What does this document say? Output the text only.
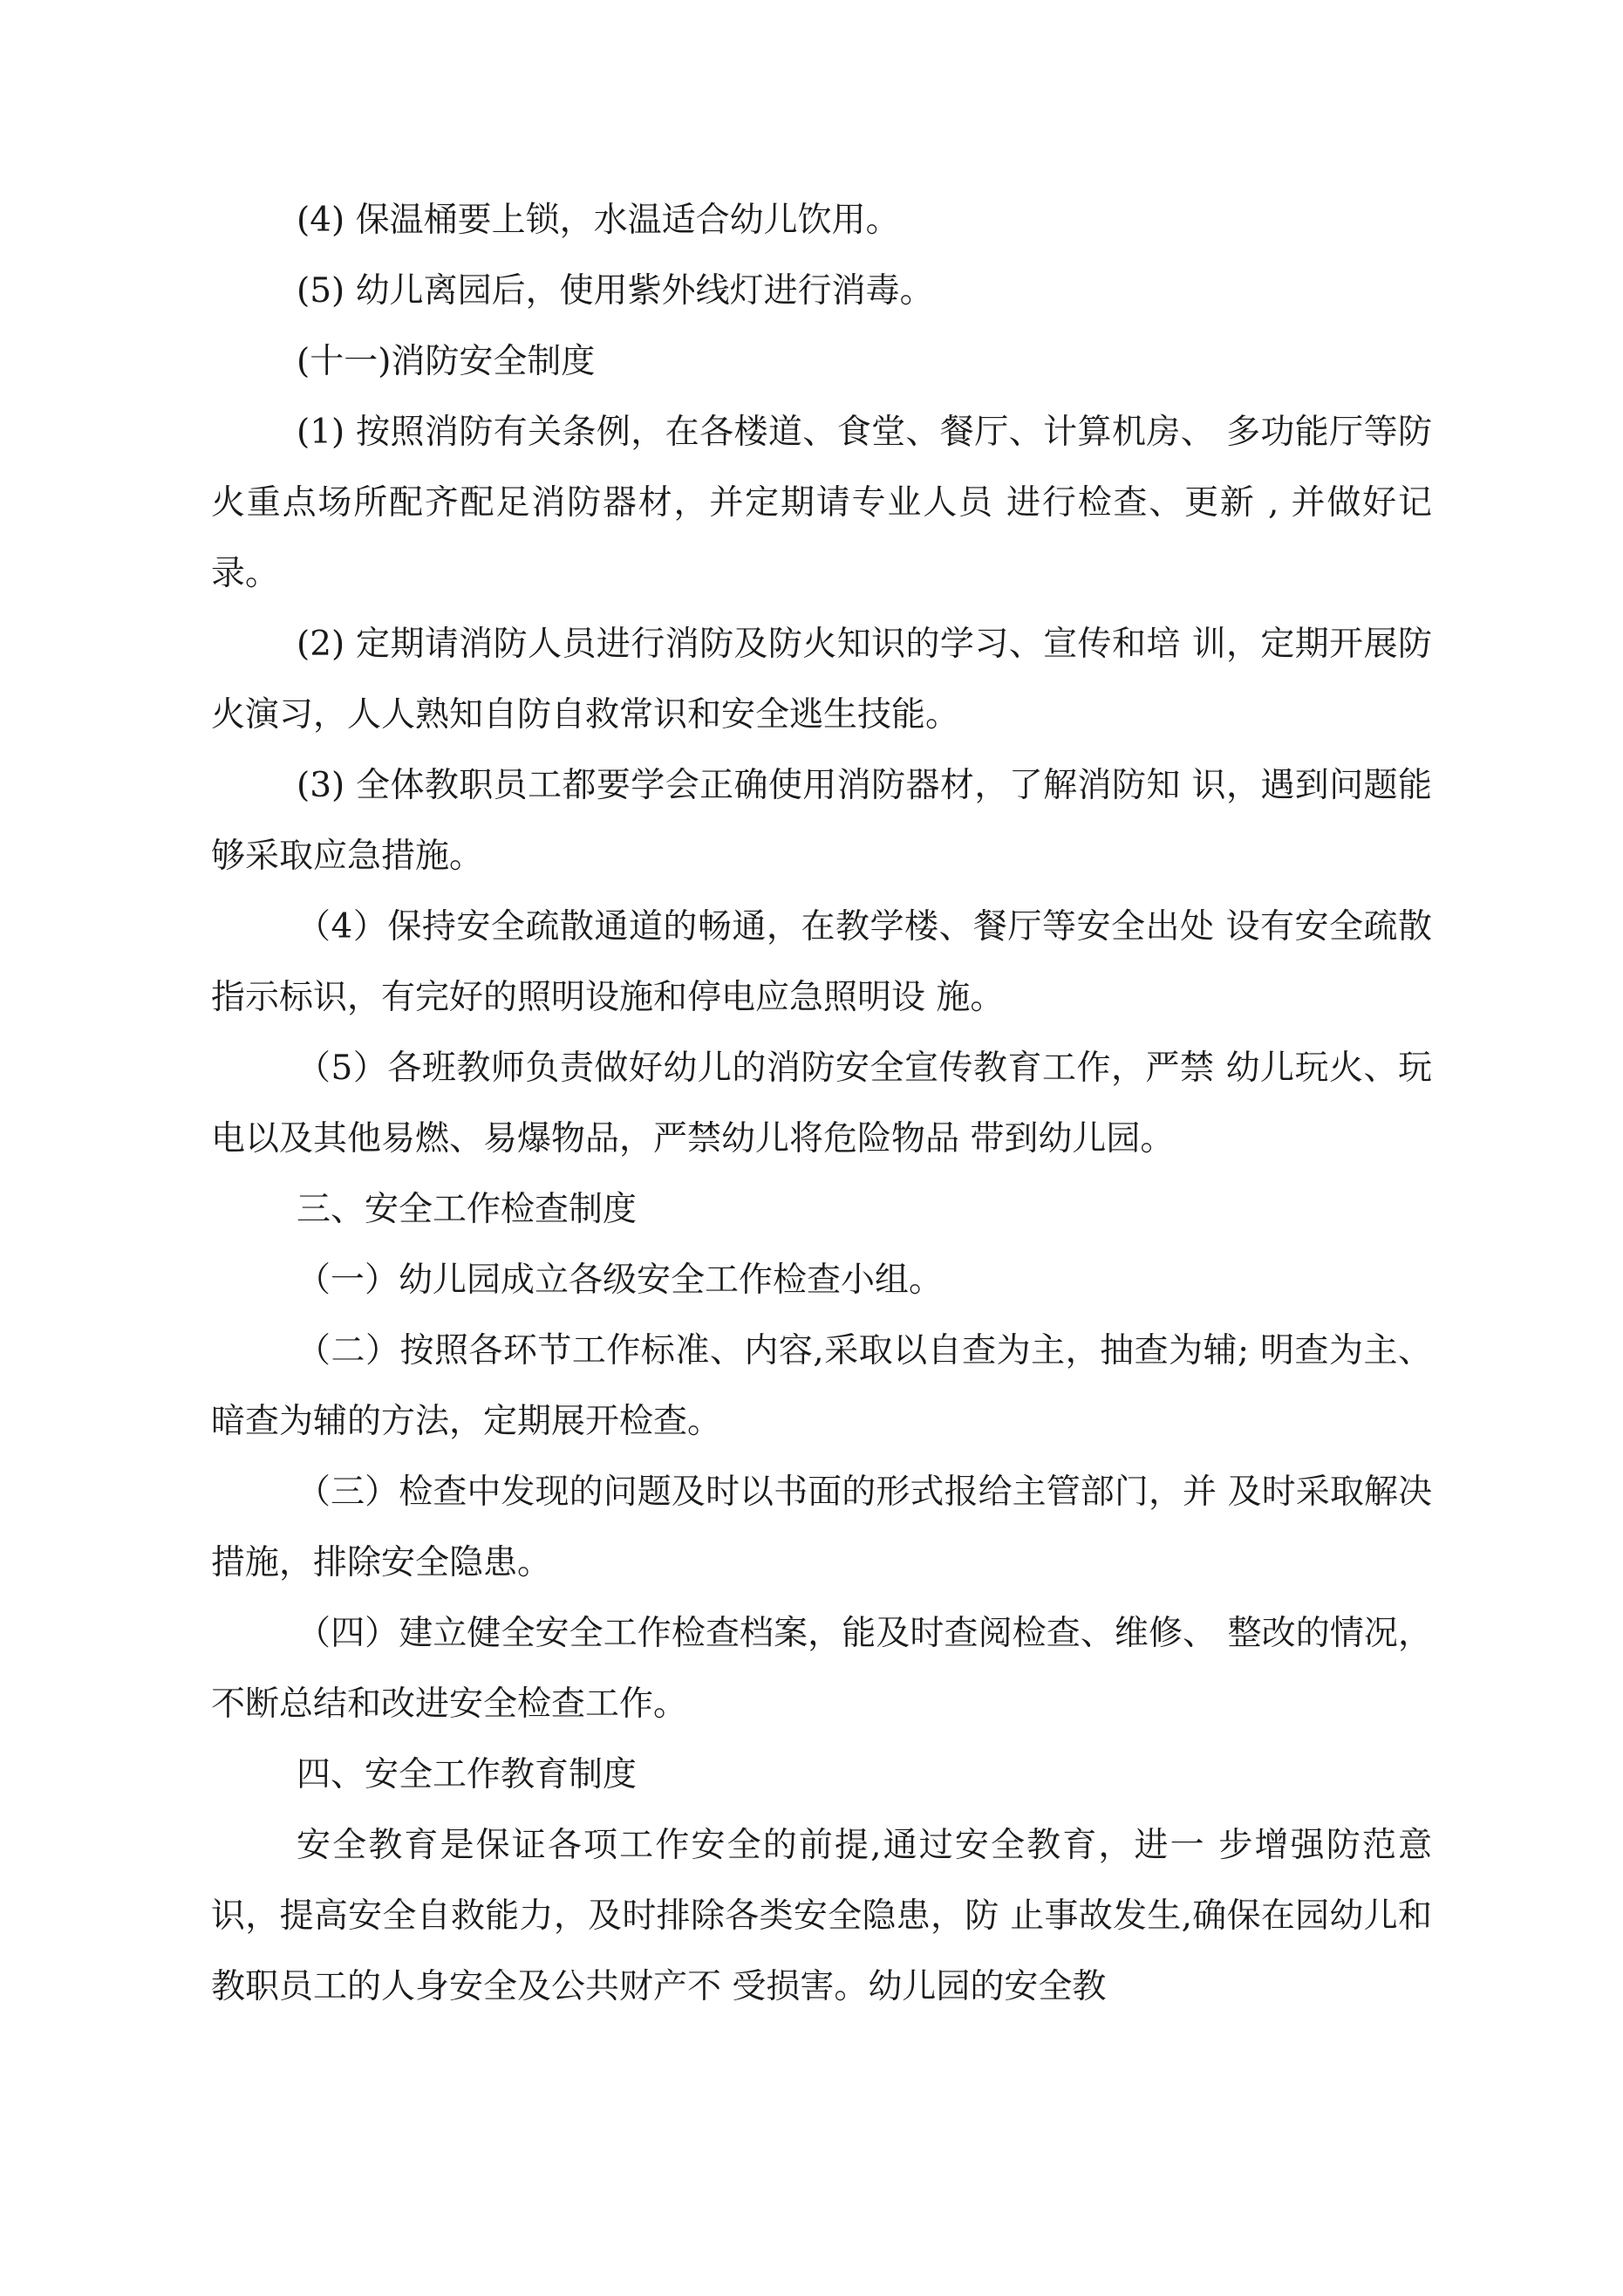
(4) 保温桶要上锁，水温适合幼儿饮用。

(5) 幼儿离园后，使用紫外线灯进行消毒。

(十一)消防安全制度

(1) 按照消防有关条例，在各楼道、食堂、餐厅、计算机房、 多功能厅等防火重点场所配齐配足消防器材，并定期请专业人员 进行检查、更新 , 并做好记录。

(2) 定期请消防人员进行消防及防火知识的学习、宣传和培 训，定期开展防火演习，人人熟知自防自救常识和安全逃生技能。

(3) 全体教职员工都要学会正确使用消防器材，了解消防知 识，遇到问题能够采取应急措施。

（4）保持安全疏散通道的畅通，在教学楼、餐厅等安全出处 设有安全疏散指示标识，有完好的照明设施和停电应急照明设 施。

（5）各班教师负责做好幼儿的消防安全宣传教育工作，严禁 幼儿玩火、玩电以及其他易燃、易爆物品，严禁幼儿将危险物品 带到幼儿园。

三、安全工作检查制度

（一）幼儿园成立各级安全工作检查小组。

（二）按照各环节工作标准、内容,采取以自查为主，抽查为辅; 明查为主、暗查为辅的方法，定期展开检查。

（三）检查中发现的问题及时以书面的形式报给主管部门，并 及时采取解决措施，排除安全隐患。

（四）建立健全安全工作检查档案，能及时查阅检查、维修、 整改的情况，不断总结和改进安全检查工作。

四、安全工作教育制度

安全教育是保证各项工作安全的前提,通过安全教育，进一 步增强防范意识，提高安全自救能力，及时排除各类安全隐患，防 止事故发生,确保在园幼儿和教职员工的人身安全及公共财产不 受损害。幼儿园的安全教
